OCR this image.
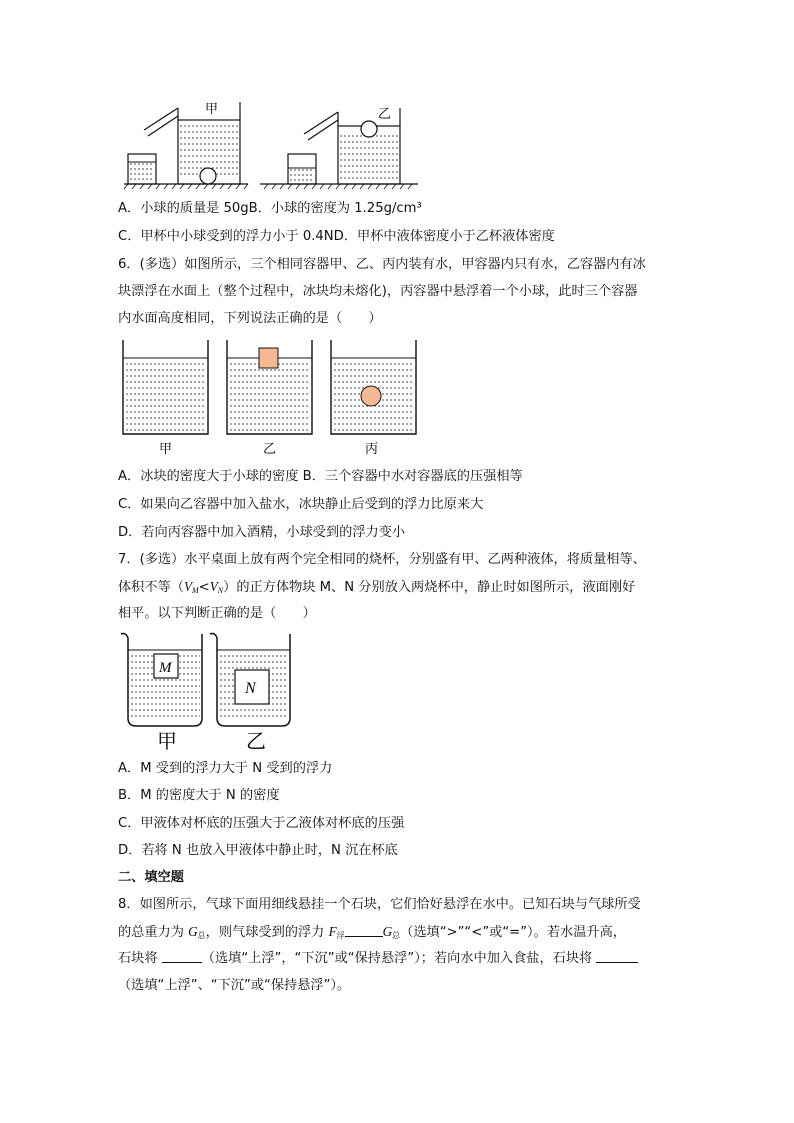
甲	乙
A．小球的质量是 50gB．小球的密度为 1.25g/cm³
C．甲杯中小球受到的浮力小于 0.4ND．甲杯中液体密度小于乙杯液体密度
6．(多选）如图所示，三个相同容器甲、乙、丙内装有水，甲容器内只有水，乙容器内有冰
块漂浮在水面上（整个过程中，冰块均未熔化)，丙容器中悬浮着一个小球，此时三个容器
内水面高度相同，下列说法正确的是（　　）
甲	乙	丙
A．冰块的密度大于小球的密度 B．三个容器中水对容器底的压强相等
C．如果向乙容器中加入盐水，冰块静止后受到的浮力比原来大
D．若向丙容器中加入酒精，小球受到的浮力变小
7．(多选）水平桌面上放有两个完全相同的烧杯，分别盛有甲、乙两种液体，将质量相等、
体积不等$(V_M<V_N)$的正方体物块 M、N 分别放入两烧杯中，静止时如图所示，液面刚好
相平。以下判断正确的是（　　）
M
N
甲	乙
A．M 受到的浮力大于 N 受到的浮力
B．M 的密度大于 N 的密度
C．甲液体对杯底的压强大于乙液体对杯底的压强
D．若将 N 也放入甲液体中静止时，N 沉在杯底
二、填空题
8．如图所示，气球下面用细线悬挂一个石块，它们恰好悬浮在水中。已知石块与气球所受
的总重力为 $G_总$，则气球受到的浮力 $F_浮$	$G_总$（选填“>”“<”或“=”）。若水温升高，
石块将	（选填“上浮”，“下沉”或“保持悬浮”）；若向水中加入食盐，石块将
（选填“上浮”、“下沉”或“保持悬浮”）。
